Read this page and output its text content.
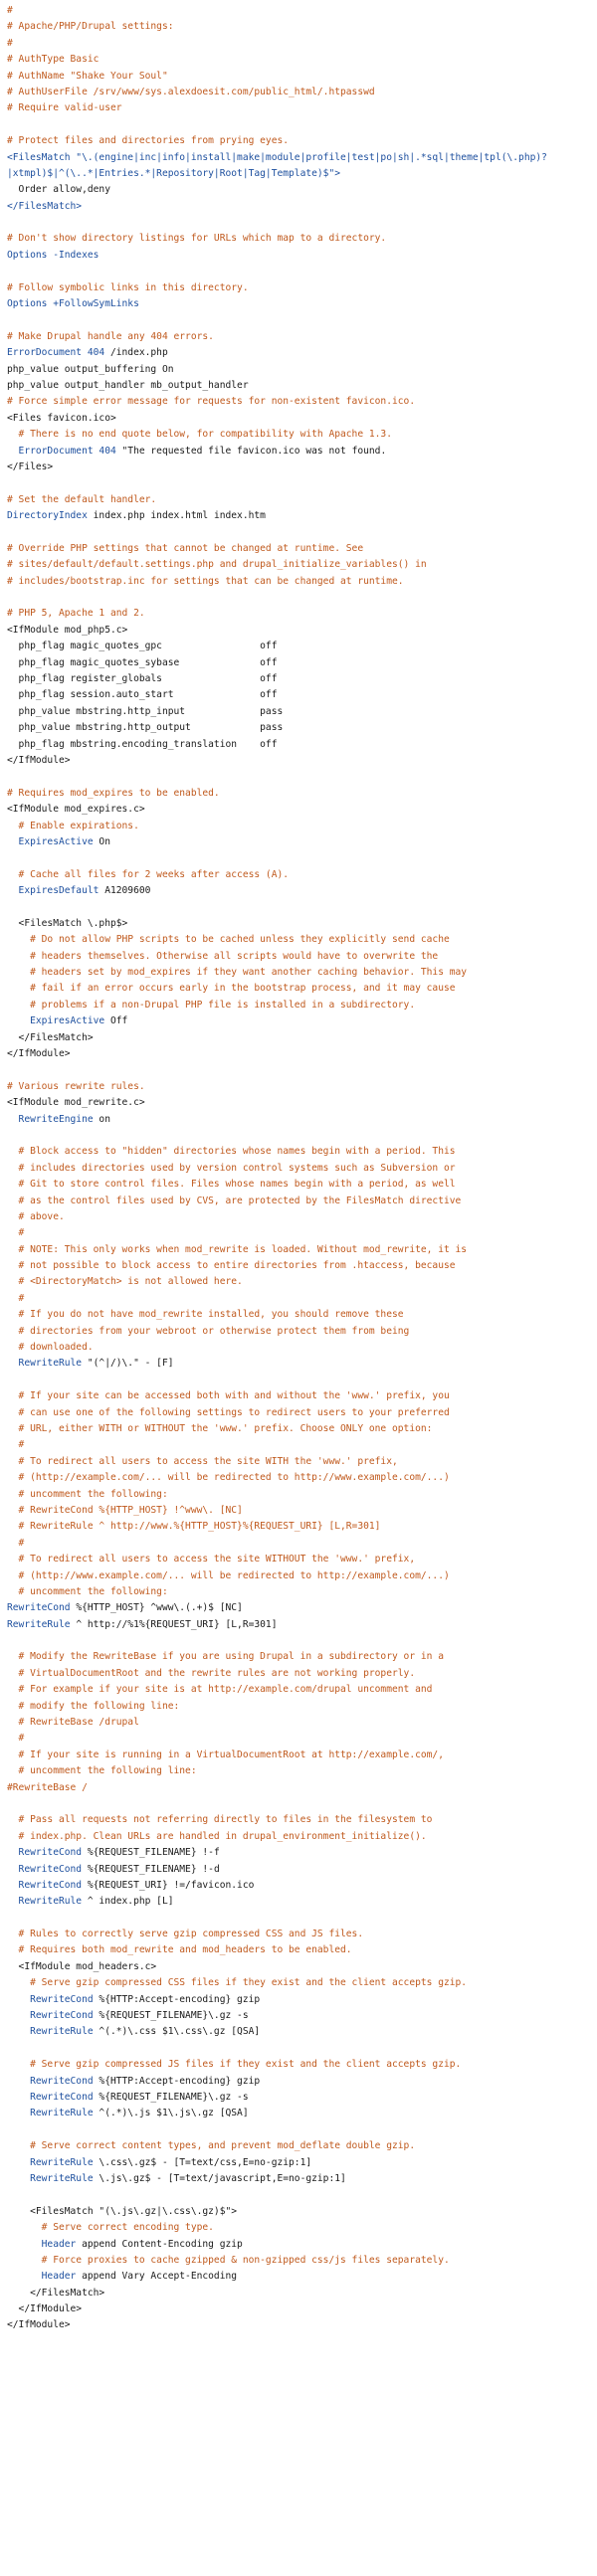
#
# Apache/PHP/Drupal settings:
#
# AuthType Basic
# AuthName "Shake Your Soul"
# AuthUserFile /srv/www/sys.alexdoesit.com/public_html/.htpasswd
# Require valid-user

# Protect files and directories from prying eyes.
<FilesMatch "\.(engine|inc|info|install|make|module|profile|test|po|sh|.*sql|theme|tpl(\.php)?
|xtmpl)$|^(\..*|Entries.*|Repository|Root|Tag|Template)$">
Order allow,deny
</FilesMatch>

# Don't show directory listings for URLs which map to a directory.
Options -Indexes

# Follow symbolic links in this directory.
Options +FollowSymLinks

# Make Drupal handle any 404 errors.
ErrorDocument 404 /index.php
php_value output_buffering On
php_value output_handler mb_output_handler
# Force simple error message for requests for non-existent favicon.ico.
<Files favicon.ico>
# There is no end quote below, for compatibility with Apache 1.3.
ErrorDocument 404 "The requested file favicon.ico was not found.
</Files>

# Set the default handler.
DirectoryIndex index.php index.html index.htm

# Override PHP settings that cannot be changed at runtime. See
# sites/default/default.settings.php and drupal_initialize_variables() in
# includes/bootstrap.inc for settings that can be changed at runtime.

# PHP 5, Apache 1 and 2.
<IfModule mod_php5.c>
php_flag magic_quotes_gpc                 off
php_flag magic_quotes_sybase              off
php_flag register_globals                 off
php_flag session.auto_start               off
php_value mbstring.http_input             pass
php_value mbstring.http_output            pass
php_flag mbstring.encoding_translation    off
</IfModule>

# Requires mod_expires to be enabled.
<IfModule mod_expires.c>
# Enable expirations.
ExpiresActive On

# Cache all files for 2 weeks after access (A).
ExpiresDefault A1209600

<FilesMatch \.php$>
# Do not allow PHP scripts to be cached unless they explicitly send cache
# headers themselves. Otherwise all scripts would have to overwrite the
# headers set by mod_expires if they want another caching behavior. This may
# fail if an error occurs early in the bootstrap process, and it may cause
# problems if a non-Drupal PHP file is installed in a subdirectory.
ExpiresActive Off
</FilesMatch>
</IfModule>

# Various rewrite rules.
<IfModule mod_rewrite.c>
RewriteEngine on

# Block access to "hidden" directories whose names begin with a period. This
# includes directories used by version control systems such as Subversion or
# Git to store control files. Files whose names begin with a period, as well
# as the control files used by CVS, are protected by the FilesMatch directive
# above.
#
# NOTE: This only works when mod_rewrite is loaded. Without mod_rewrite, it is
# not possible to block access to entire directories from .htaccess, because
# <DirectoryMatch> is not allowed here.
#
# If you do not have mod_rewrite installed, you should remove these
# directories from your webroot or otherwise protect them from being
# downloaded.
RewriteRule "(^|/)\." - [F]

# If your site can be accessed both with and without the 'www.' prefix, you
# can use one of the following settings to redirect users to your preferred
# URL, either WITH or WITHOUT the 'www.' prefix. Choose ONLY one option:
#
# To redirect all users to access the site WITH the 'www.' prefix,
# (http://example.com/... will be redirected to http://www.example.com/...)
# uncomment the following:
# RewriteCond %{HTTP_HOST} !^www\. [NC]
# RewriteRule ^ http://www.%{HTTP_HOST}%{REQUEST_URI} [L,R=301]
#
# To redirect all users to access the site WITHOUT the 'www.' prefix,
# (http://www.example.com/... will be redirected to http://example.com/...)
# uncomment the following:
RewriteCond %{HTTP_HOST} ^www\.(.+)$ [NC]
RewriteRule ^ http://%1%{REQUEST_URI} [L,R=301]

# Modify the RewriteBase if you are using Drupal in a subdirectory or in a
# VirtualDocumentRoot and the rewrite rules are not working properly.
# For example if your site is at http://example.com/drupal uncomment and
# modify the following line:
# RewriteBase /drupal
#
# If your site is running in a VirtualDocumentRoot at http://example.com/,
# uncomment the following line:
#RewriteBase /

# Pass all requests not referring directly to files in the filesystem to
# index.php. Clean URLs are handled in drupal_environment_initialize().
RewriteCond %{REQUEST_FILENAME} !-f
RewriteCond %{REQUEST_FILENAME} !-d
RewriteCond %{REQUEST_URI} !=/favicon.ico
RewriteRule ^ index.php [L]

# Rules to correctly serve gzip compressed CSS and JS files.
# Requires both mod_rewrite and mod_headers to be enabled.
<IfModule mod_headers.c>
# Serve gzip compressed CSS files if they exist and the client accepts gzip.
RewriteCond %{HTTP:Accept-encoding} gzip
RewriteCond %{REQUEST_FILENAME}\.gz -s
RewriteRule ^(.*)\.css $1\.css\.gz [QSA]

# Serve gzip compressed JS files if they exist and the client accepts gzip.
RewriteCond %{HTTP:Accept-encoding} gzip
RewriteCond %{REQUEST_FILENAME}\.gz -s
RewriteRule ^(.*)\.js $1\.js\.gz [QSA]

# Serve correct content types, and prevent mod_deflate double gzip.
RewriteRule \.css\.gz$ - [T=text/css,E=no-gzip:1]
RewriteRule \.js\.gz$ - [T=text/javascript,E=no-gzip:1]

<FilesMatch "(\.js\.gz|\.css\.gz)$">
# Serve correct encoding type.
Header append Content-Encoding gzip
# Force proxies to cache gzipped & non-gzipped css/js files separately.
Header append Vary Accept-Encoding
</FilesMatch>
</IfModule>
</IfModule>
